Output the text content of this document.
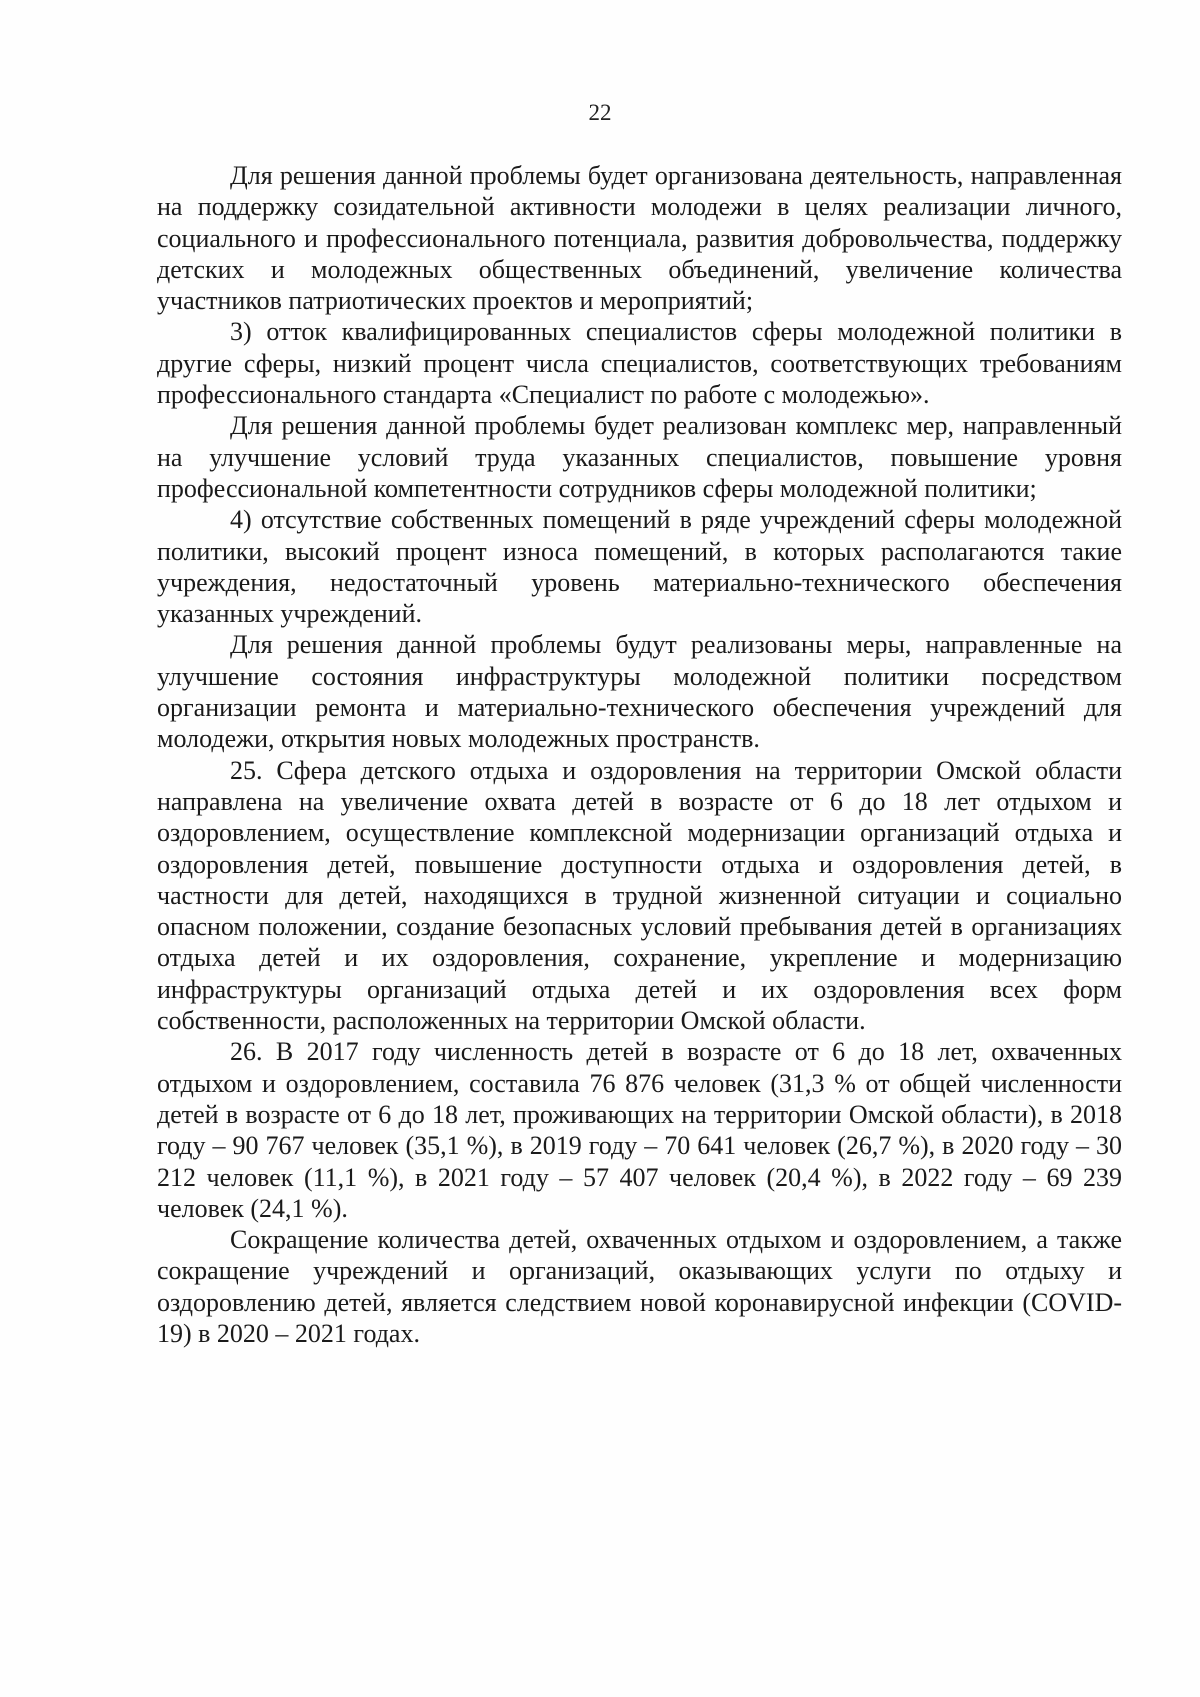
22

Для решения данной проблемы будет организована деятельность, направленная на поддержку созидательной активности молодежи в целях реализации личного, социального и профессионального потенциала, развития добровольчества, поддержку детских и молодежных общественных объединений, увеличение количества участников патриотических проектов и мероприятий;

3) отток квалифицированных специалистов сферы молодежной политики в другие сферы, низкий процент числа специалистов, соответствующих требованиям профессионального стандарта «Специалист по работе с молодежью».

Для решения данной проблемы будет реализован комплекс мер, направленный на улучшение условий труда указанных специалистов, повышение уровня профессиональной компетентности сотрудников сферы молодежной политики;

4) отсутствие собственных помещений в ряде учреждений сферы молодежной политики, высокий процент износа помещений, в которых располагаются такие учреждения, недостаточный уровень материально-технического обеспечения указанных учреждений.

Для решения данной проблемы будут реализованы меры, направленные на улучшение состояния инфраструктуры молодежной политики посредством организации ремонта и материально-технического обеспечения учреждений для молодежи, открытия новых молодежных пространств.

25. Сфера детского отдыха и оздоровления на территории Омской области направлена на увеличение охвата детей в возрасте от 6 до 18 лет отдыхом и оздоровлением, осуществление комплексной модернизации организаций отдыха и оздоровления детей, повышение доступности отдыха и оздоровления детей, в частности для детей, находящихся в трудной жизненной ситуации и социально опасном положении, создание безопасных условий пребывания детей в организациях отдыха детей и их оздоровления, сохранение, укрепление и модернизацию инфраструктуры организаций отдыха детей и их оздоровления всех форм собственности, расположенных на территории Омской области.

26. В 2017 году численность детей в возрасте от 6 до 18 лет, охваченных отдыхом и оздоровлением, составила 76 876 человек (31,3 % от общей численности детей в возрасте от 6 до 18 лет, проживающих на территории Омской области), в 2018 году – 90 767 человек (35,1 %), в 2019 году – 70 641 человек (26,7 %), в 2020 году – 30 212 человек (11,1 %), в 2021 году – 57 407 человек (20,4 %), в 2022 году – 69 239 человек (24,1 %).

Сокращение количества детей, охваченных отдыхом и оздоровлением, а также сокращение учреждений и организаций, оказывающих услуги по отдыху и оздоровлению детей, является следствием новой коронавирусной инфекции (COVID-19) в 2020 – 2021 годах.
